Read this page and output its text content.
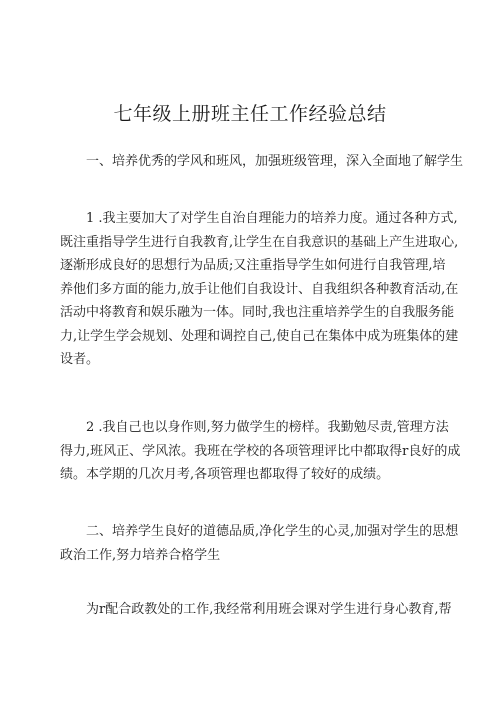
七年级上册班主任工作经验总结
一、培养优秀的学风和班风，加强班级管理，深入全面地了解学生
1 .我主要加大了对学生自治自理能力的培养力度。通过各种方式,
既注重指导学生进行自我教育,让学生在自我意识的基础上产生进取心,
逐渐形成良好的思想行为品质;又注重指导学生如何进行自我管理,培
养他们多方面的能力,放手让他们自我设计、自我组织各种教育活动,在
活动中将教育和娱乐融为一体。同时,我也注重培养学生的自我服务能
力,让学生学会规划、处理和调控自己,使自己在集体中成为班集体的建
设者。
2 .我自己也以身作则,努力做学生的榜样。我勤勉尽责,管理方法
得力,班风正、学风浓。我班在学校的各项管理评比中都取得r良好的成
绩。本学期的几次月考,各项管理也都取得了较好的成绩。
二、培养学生良好的道德品质,净化学生的心灵,加强对学生的思想
政治工作,努力培养合格学生
为r配合政教处的工作,我经常利用班会课对学生进行身心教育,帮
